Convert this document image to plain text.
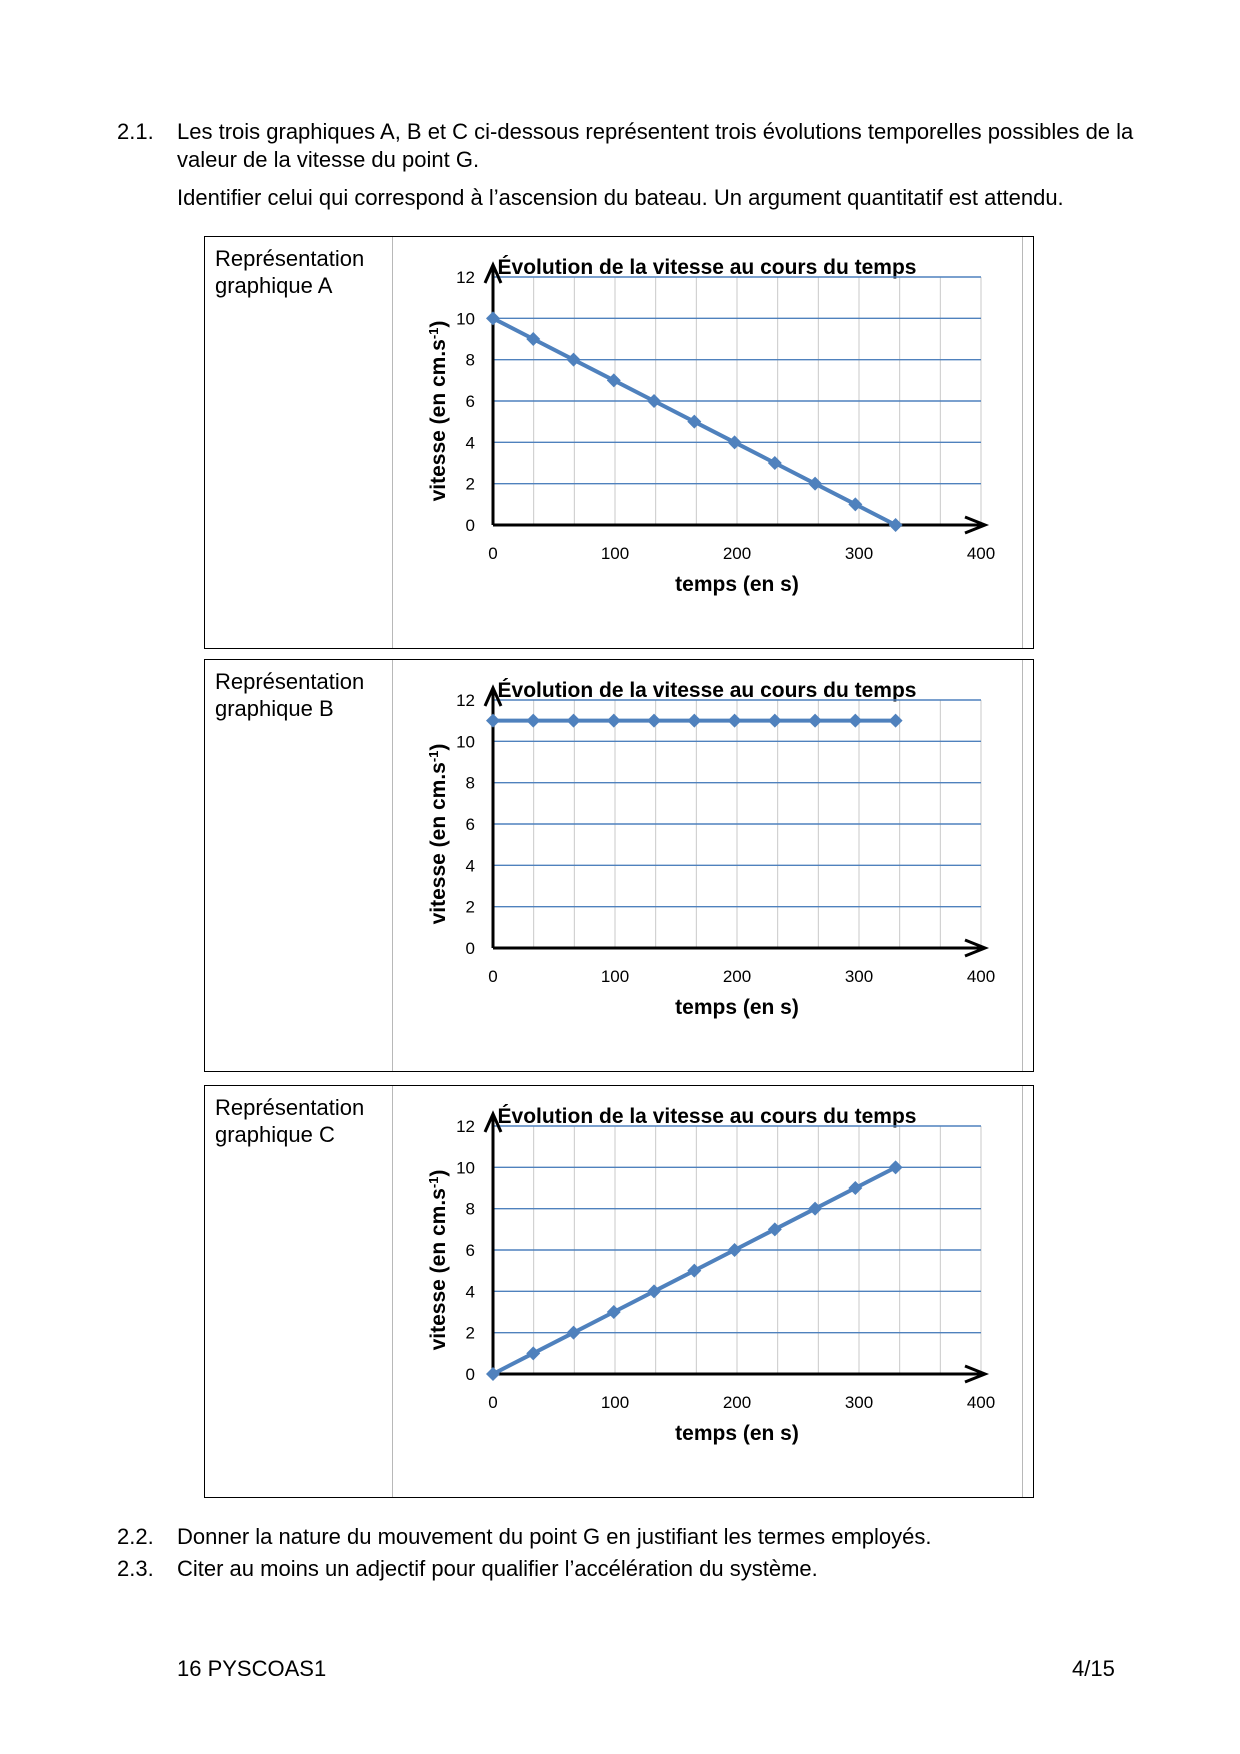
2.1. Les trois graphiques A, B et C ci-dessous représentent trois évolutions temporelles possibles de la valeur de la vitesse du point G.
Identifier celui qui correspond à l’ascension du bateau. Un argument quantitatif est attendu.
Représentation
graphique A
Évolution de la vitesse au cours du temps
0	100	200	300	400
0
2
4
6
8
10
12
temps (en s)
vitesse (en $cm.s^{-1}$)
Représentation
graphique B
Évolution de la vitesse au cours du temps
0	100	200	300	400
0
2
4
6
8
10
12
temps (en s)
vitesse (en $cm.s^{-1}$)
Représentation
graphique C
Évolution de la vitesse au cours du temps
0	100	200	300	400
0
2
4
6
8
10
12
temps (en s)
vitesse (en $cm.s^{-1}$)
2.2. Donner la nature du mouvement du point G en justifiant les termes employés.
2.3. Citer au moins un adjectif pour qualifier l’accélération du système.
16 PYSCOAS1	4/15
